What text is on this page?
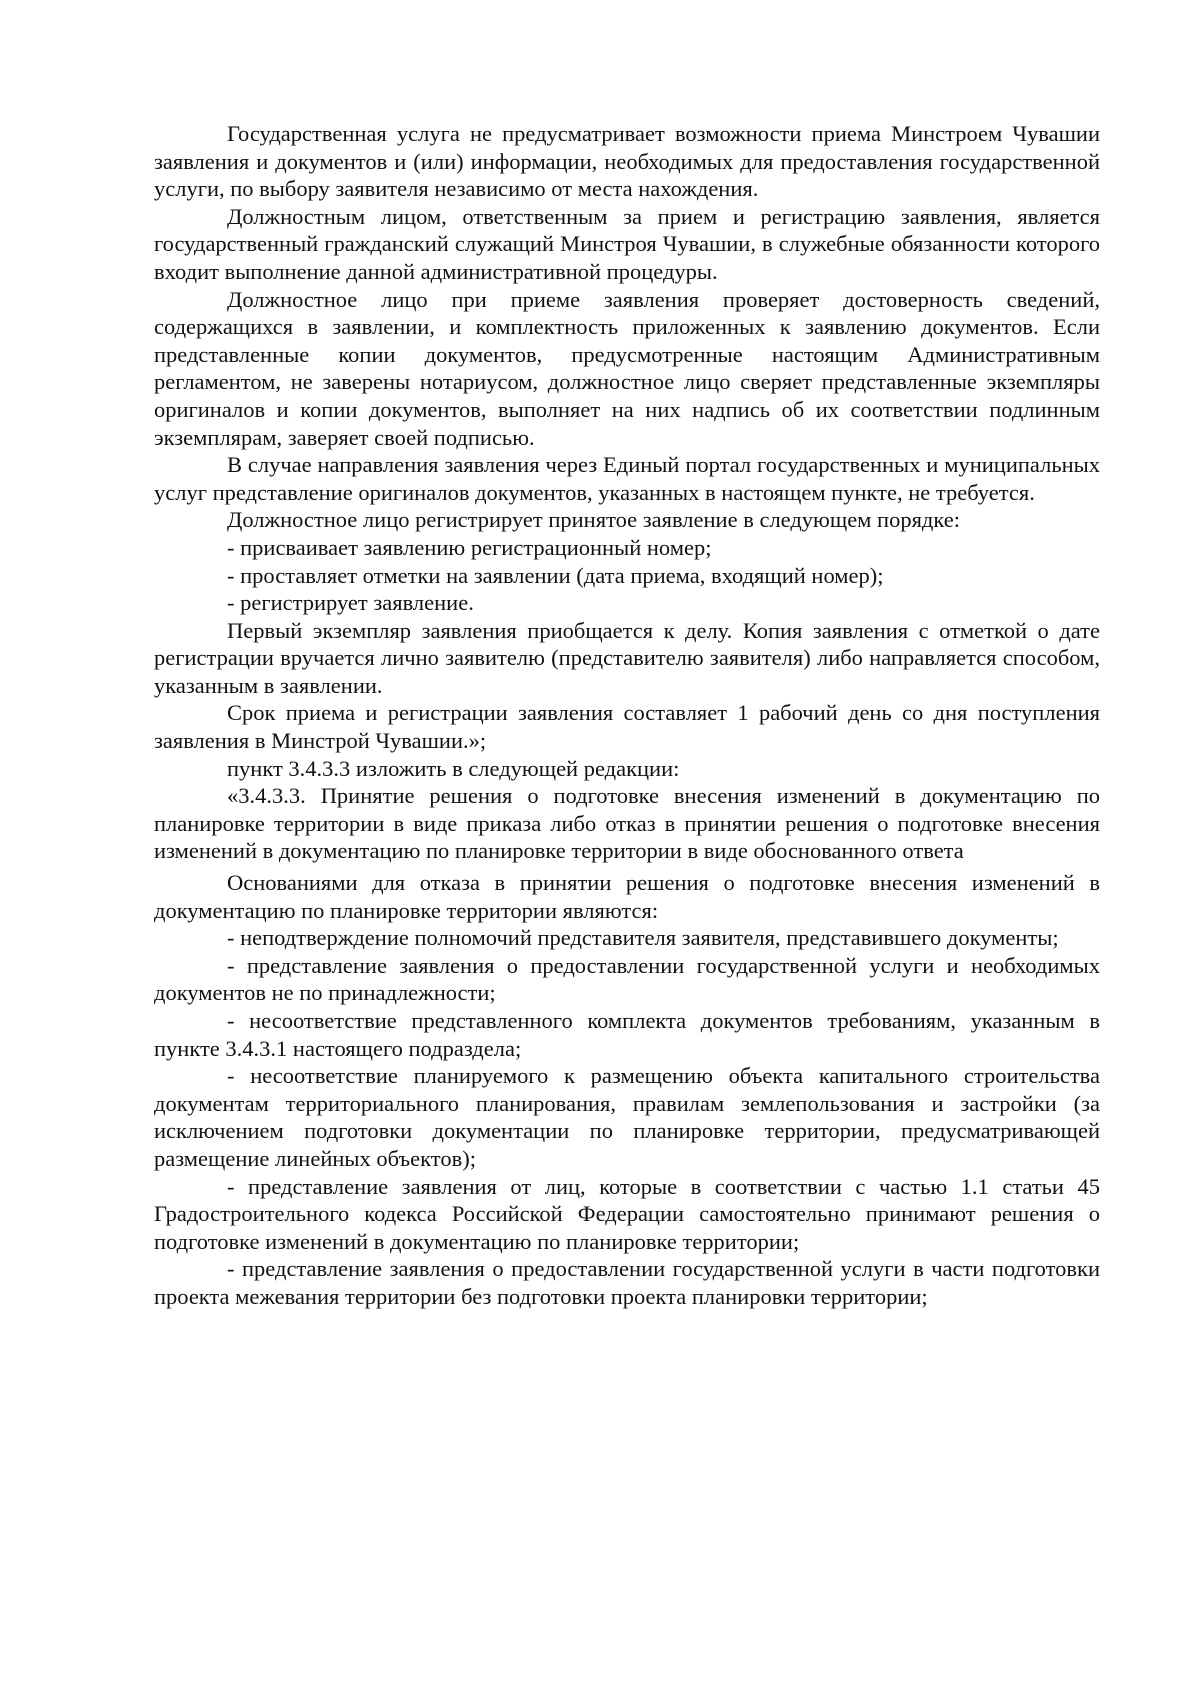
Государственная услуга не предусматривает возможности приема Минстроем Чувашии заявления и документов и (или) информации, необходимых для предоставления государственной услуги, по выбору заявителя независимо от места нахождения.

Должностным лицом, ответственным за прием и регистрацию заявления, является государственный гражданский служащий Минстроя Чувашии, в служебные обязанности которого входит выполнение данной административной процедуры.

Должностное лицо при приеме заявления проверяет достоверность сведений, содержащихся в заявлении, и комплектность приложенных к заявлению документов. Если представленные копии документов, предусмотренные настоящим Административным регламентом, не заверены нотариусом, должностное лицо сверяет представленные экземпляры оригиналов и копии документов, выполняет на них надпись об их соответствии подлинным экземплярам, заверяет своей подписью.

В случае направления заявления через Единый портал государственных и муниципальных услуг представление оригиналов документов, указанных в настоящем пункте, не требуется.

Должностное лицо регистрирует принятое заявление в следующем порядке:

- присваивает заявлению регистрационный номер;

- проставляет отметки на заявлении (дата приема, входящий номер);

- регистрирует заявление.

Первый экземпляр заявления приобщается к делу. Копия заявления с отметкой о дате регистрации вручается лично заявителю (представителю заявителя) либо направляется способом, указанным в заявлении.

Срок приема и регистрации заявления составляет 1 рабочий день со дня поступления заявления в Минстрой Чувашии.»;

пункт 3.4.3.3 изложить в следующей редакции:

«3.4.3.3. Принятие решения о подготовке внесения изменений в документацию по планировке территории в виде приказа либо отказ в принятии решения о подготовке внесения изменений в документацию по планировке территории в виде обоснованного ответа

Основаниями для отказа в принятии решения о подготовке внесения изменений в документацию по планировке территории являются:

- неподтверждение полномочий представителя заявителя, представившего документы;

- представление заявления о предоставлении государственной услуги и необходимых документов не по принадлежности;

- несоответствие представленного комплекта документов требованиям, указанным в пункте 3.4.3.1 настоящего подраздела;

- несоответствие планируемого к размещению объекта капитального строительства документам территориального планирования, правилам землепользования и застройки (за исключением подготовки документации по планировке территории, предусматривающей размещение линейных объектов);

- представление заявления от лиц, которые в соответствии с частью 1.1 статьи 45 Градостроительного кодекса Российской Федерации самостоятельно принимают решения о подготовке изменений в документацию по планировке территории;

- представление заявления о предоставлении государственной услуги в части подготовки проекта межевания территории без подготовки проекта планировки территории;
